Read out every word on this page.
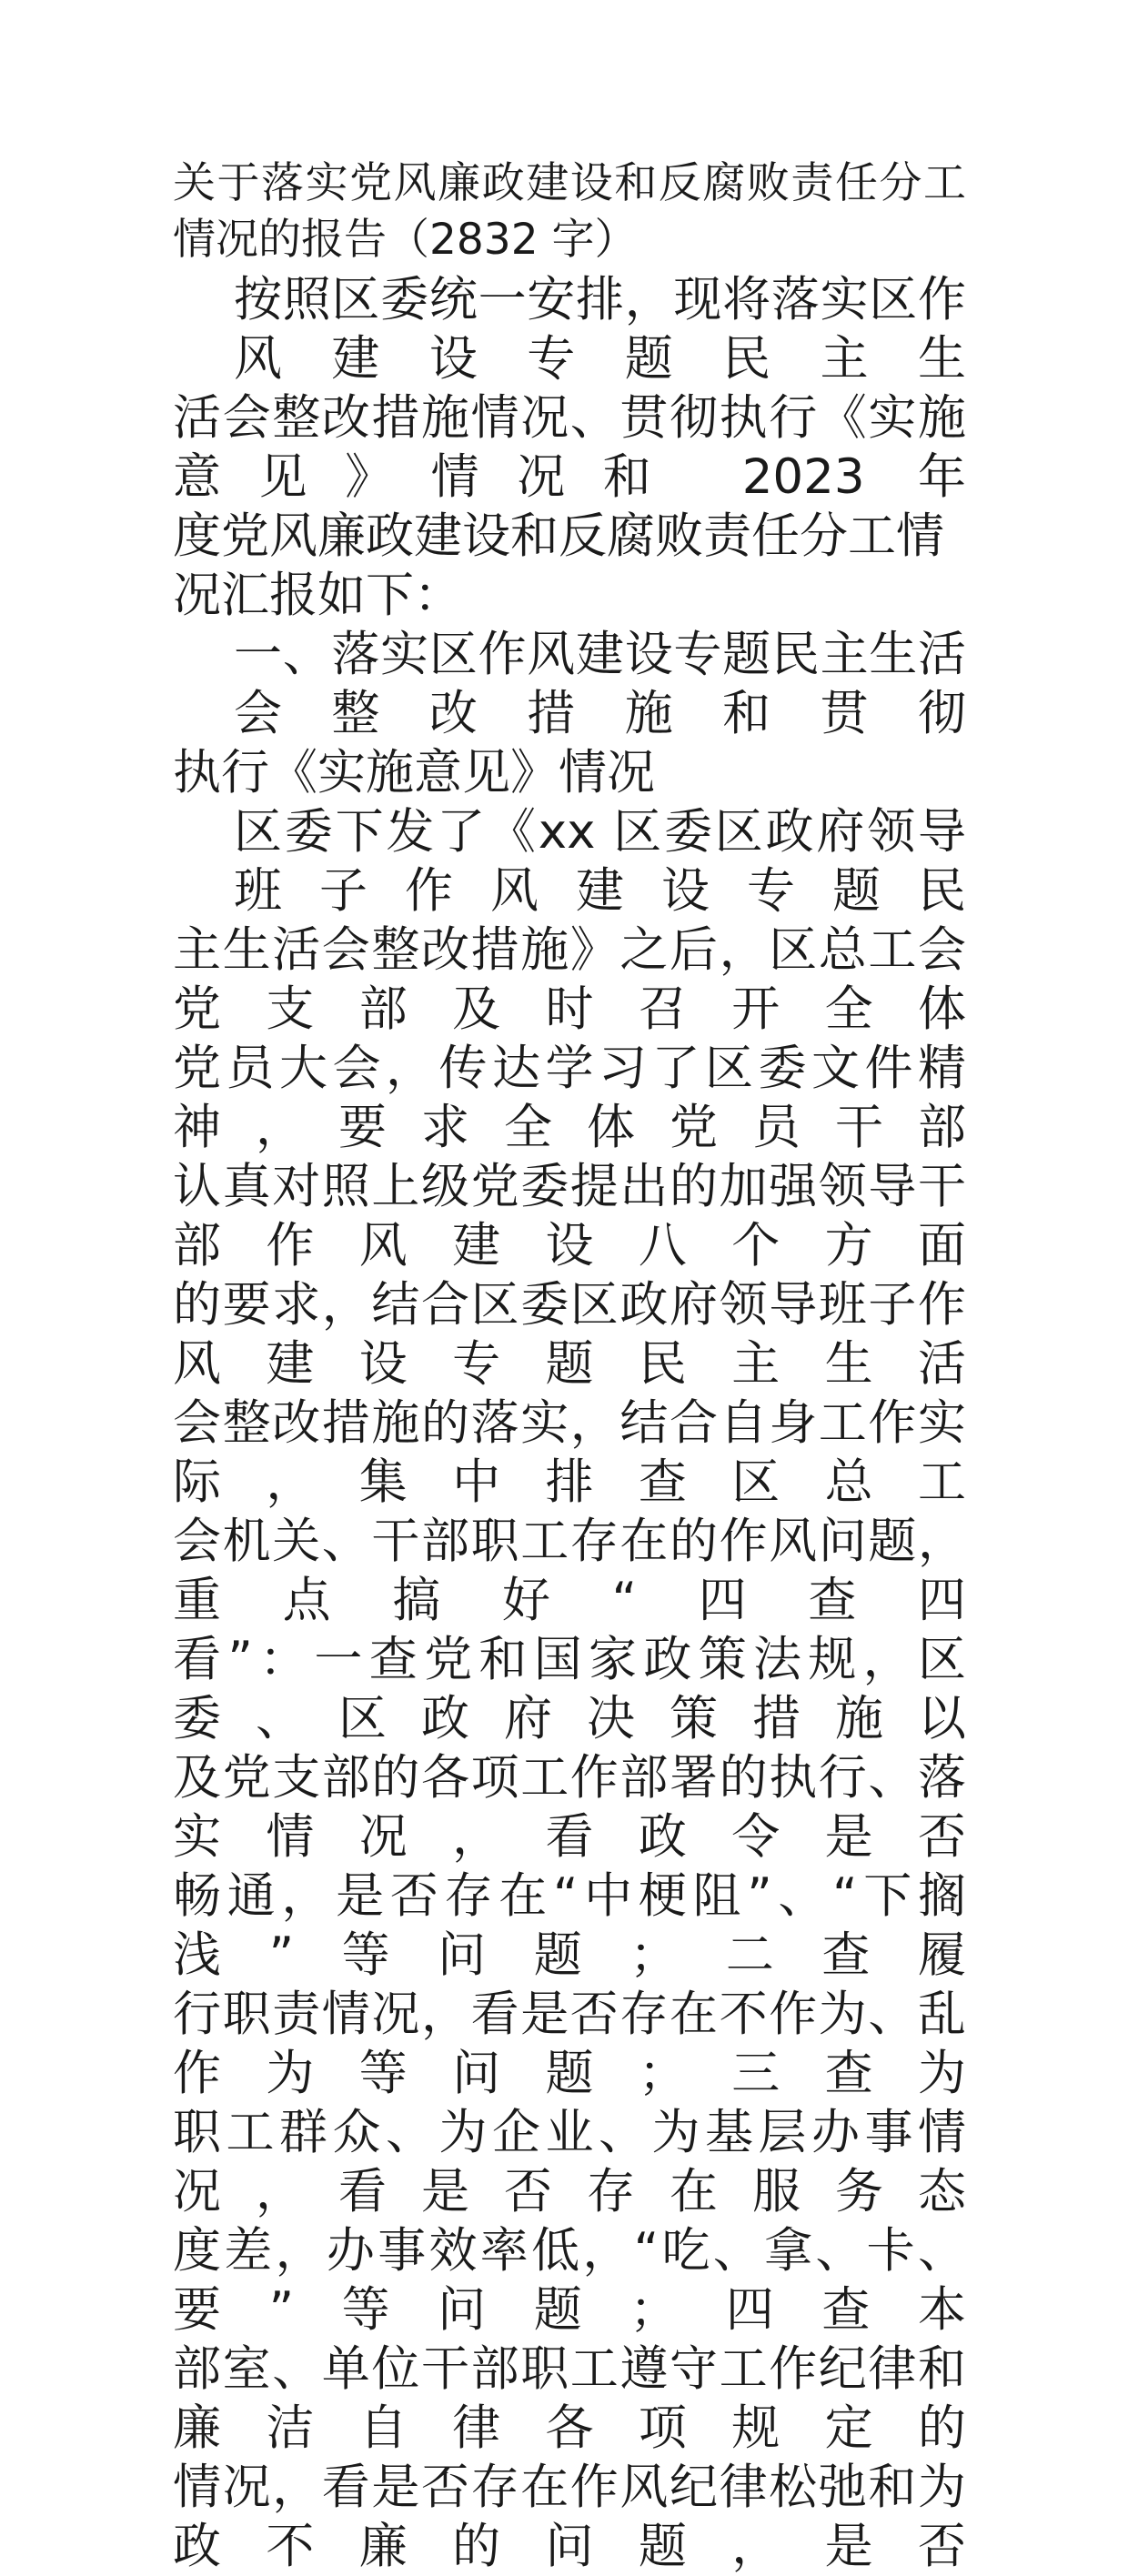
关于落实党风廉政建设和反腐败责任分工
情况的报告（2832 字）
按照区委统一安排，现将落实区作风建设专题民主生
活会整改措施情况、贯彻执行《实施意见》情况和 2023 年
度党风廉政建设和反腐败责任分工情况汇报如下：
一、落实区作风建设专题民主生活会整改措施和贯彻
执行《实施意见》情况
区委下发了《xx 区委区政府领导班子作风建设专题民
主生活会整改措施》之后，区总工会党支部及时召开全体
党员大会，传达学习了区委文件精神，要求全体党员干部
认真对照上级党委提出的加强领导干部作风建设八个方面
的要求，结合区委区政府领导班子作风建设专题民主生活
会整改措施的落实，结合自身工作实际，集中排查区总工
会机关、干部职工存在的作风问题，重点搞好“四查四
看”：一查党和国家政策法规，区委、区政府决策措施以
及党支部的各项工作部署的执行、落实情况，看政令是否
畅通，是否存在“中梗阻”、“下搁浅”等问题；二查履
行职责情况，看是否存在不作为、乱作为等问题；三查为
职工群众、为企业、为基层办事情况，看是否存在服务态
度差，办事效率低，“吃、拿、卡、要”等问题；四查本
部室、单位干部职工遵守工作纪律和廉洁自律各项规定的
情况，看是否存在作风纪律松弛和为政不廉的问题，是否
